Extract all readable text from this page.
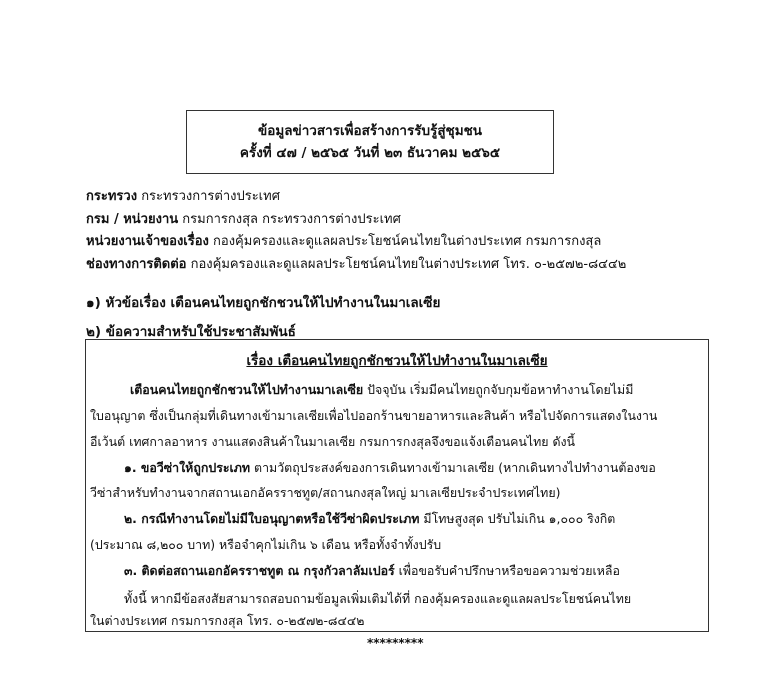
ข้อมูลข่าวสารเพื่อสร้างการรับรู้สู่ชุมชน
ครั้งที่ ๔๗ / ๒๕๖๕ วันที่ ๒๓ ธันวาคม ๒๕๖๕
กระทรวง กระทรวงการต่างประเทศ
กรม / หน่วยงาน กรมการกงสุล กระทรวงการต่างประเทศ
หน่วยงานเจ้าของเรื่อง กองคุ้มครองและดูแลผลประโยชน์คนไทยในต่างประเทศ กรมการกงสุล
ช่องทางการติดต่อ กองคุ้มครองและดูแลผลประโยชน์คนไทยในต่างประเทศ โทร. ๐-๒๕๗๒-๘๔๔๒
๑) หัวข้อเรื่อง เตือนคนไทยถูกชักชวนให้ไปทำงานในมาเลเซีย
๒) ข้อความสำหรับใช้ประชาสัมพันธ์
เรื่อง เตือนคนไทยถูกชักชวนให้ไปทำงานในมาเลเซีย
เตือนคนไทยถูกชักชวนให้ไปทำงานมาเลเซีย ปัจจุบัน เริ่มมีคนไทยถูกจับกุมข้อหาทำงานโดยไม่มี
ใบอนุญาต ซึ่งเป็นกลุ่มที่เดินทางเข้ามาเลเซียเพื่อไปออกร้านขายอาหารและสินค้า หรือไปจัดการแสดงในงาน
อีเว้นต์ เทศกาลอาหาร งานแสดงสินค้าในมาเลเซีย กรมการกงสุลจึงขอแจ้งเตือนคนไทย ดังนี้
๑. ขอวีซ่าให้ถูกประเภท ตามวัตถุประสงค์ของการเดินทางเข้ามาเลเซีย (หากเดินทางไปทำงานต้องขอ
วีซ่าสำหรับทำงานจากสถานเอกอัครราชทูต/สถานกงสุลใหญ่ มาเลเซียประจำประเทศไทย)
๒. กรณีทำงานโดยไม่มีใบอนุญาตหรือใช้วีซ่าผิดประเภท มีโทษสูงสุด ปรับไม่เกิน ๑,๐๐๐ ริงกิต
(ประมาณ ๘,๒๐๐ บาท) หรือจำคุกไม่เกิน ๖ เดือน หรือทั้งจำทั้งปรับ
๓. ติดต่อสถานเอกอัครราชทูต ณ กรุงกัวลาลัมเปอร์ เพื่อขอรับคำปรึกษาหรือขอความช่วยเหลือ
ทั้งนี้ หากมีข้อสงสัยสามารถสอบถามข้อมูลเพิ่มเติมได้ที่ กองคุ้มครองและดูแลผลประโยชน์คนไทย
ในต่างประเทศ กรมการกงสุล โทร. ๐-๒๕๗๒-๘๔๔๒
*********
